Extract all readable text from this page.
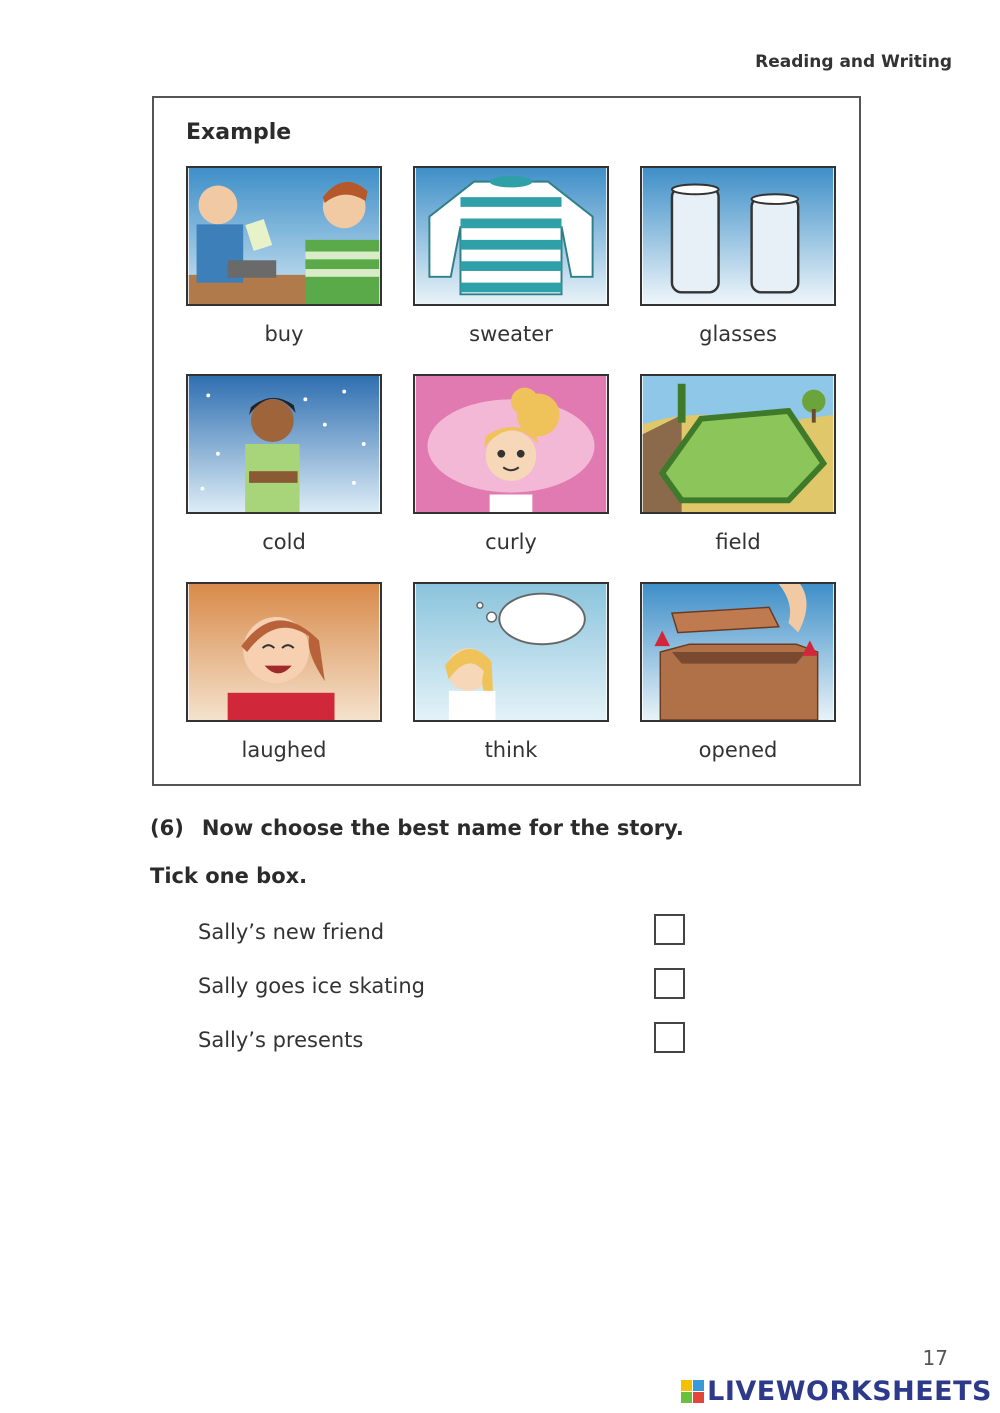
Reading and Writing
Example
buy	sweater	glasses
cold	curly	field
laughed	think	opened
(6) Now choose the best name for the story.
Tick one box.
Sally’s new friend
Sally goes ice skating
Sally’s presents
17
LIVEWORKSHEETS
